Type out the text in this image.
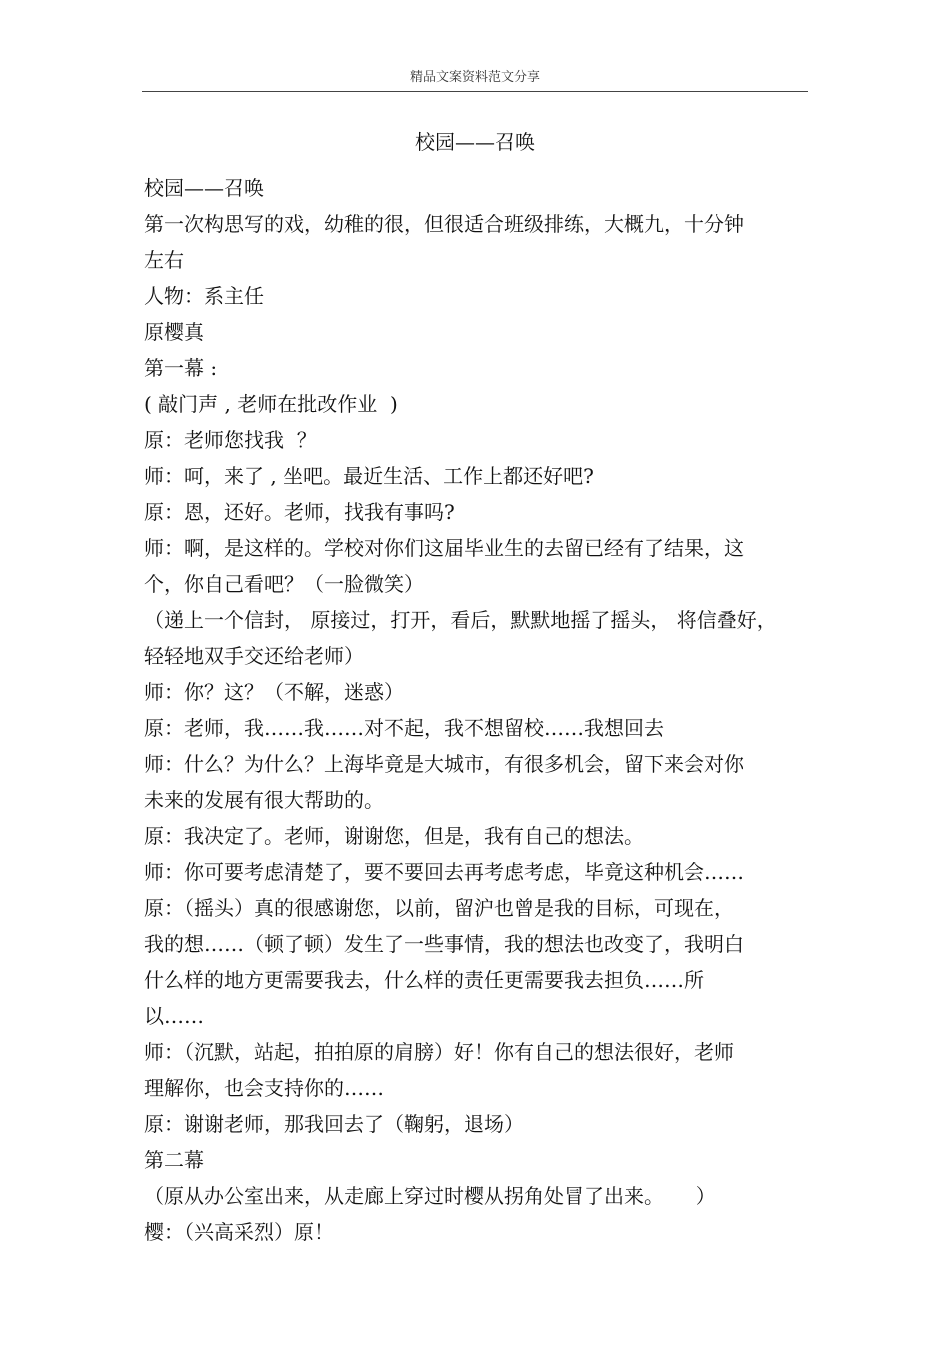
精品文案资料范文分享
校园——召唤
校园——召唤
第一次构思写的戏，幼稚的很，但很适合班级排练，大概九，十分钟
左右
人物：系主任
原樱真
第一幕 :
( 敲门声 , 老师在批改作业  )
原：老师您找我  ？
师：呵，来了 , 坐吧。最近生活、工作上都还好吧?
原：恩，还好。老师，找我有事吗?
师：啊，是这样的。学校对你们这届毕业生的去留已经有了结果，这
个，你自己看吧？（一脸微笑）
（递上一个信封， 原接过，打开，看后，默默地摇了摇头， 将信叠好，
轻轻地双手交还给老师）
师：你？这？（不解，迷惑）
原：老师，我……我……对不起，我不想留校……我想回去
师：什么？为什么？上海毕竟是大城市，有很多机会，留下来会对你
未来的发展有很大帮助的。
原：我决定了。老师，谢谢您，但是，我有自己的想法。
师：你可要考虑清楚了，要不要回去再考虑考虑，毕竟这种机会……
原：（摇头）真的很感谢您，以前，留沪也曾是我的目标，可现在，
我的想……（顿了顿）发生了一些事情，我的想法也改变了，我明白
什么样的地方更需要我去，什么样的责任更需要我去担负……所
以……
师：（沉默，站起，拍拍原的肩膀）好！你有自己的想法很好，老师
理解你，也会支持你的……
原：谢谢老师，那我回去了（鞠躬，退场）
第二幕
（原从办公室出来，从走廊上穿过时樱从拐角处冒了出来。     ）
樱：（兴高采烈）原！
